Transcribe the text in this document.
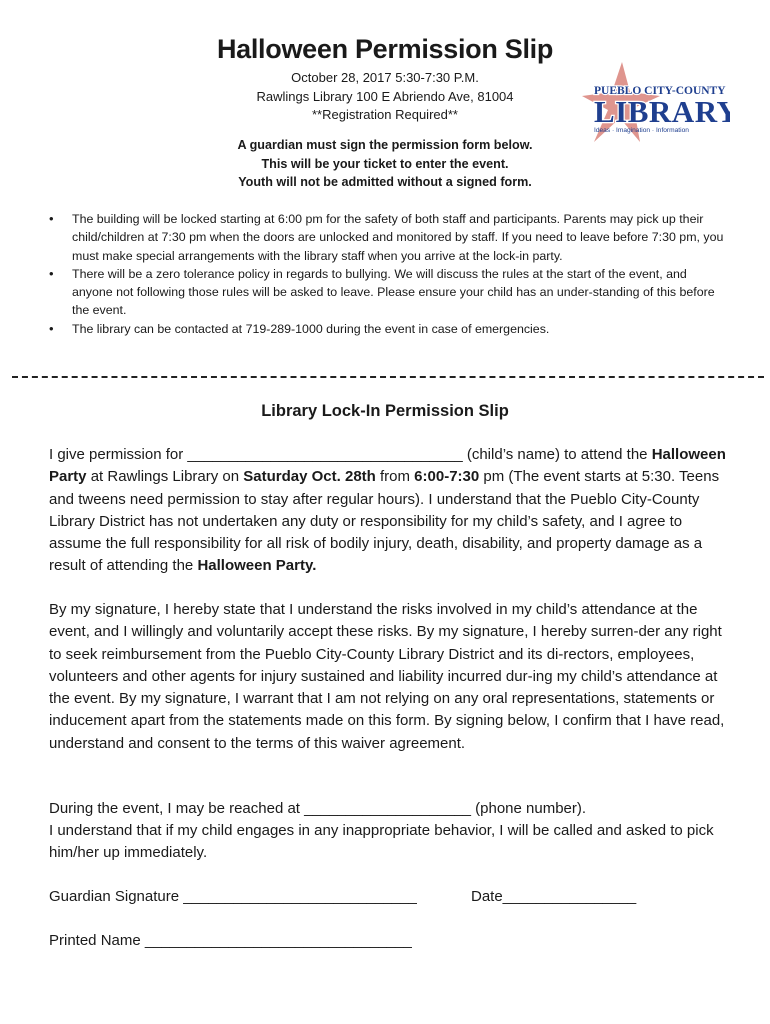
Halloween Permission Slip
October 28, 2017 5:30-7:30 P.M.
Rawlings Library 100 E Abriendo Ave, 81004
**Registration Required**
A guardian must sign the permission form below.
This will be your ticket to enter the event.
Youth will not be admitted without a signed form.
PUEBLO CITY-COUNTY
LIBRARY
Ideas · Imagination · Information
• The building will be locked starting at 6:00 pm for the safety of both staff and participants. Parents may pick up their child/children at 7:30 pm when the doors are unlocked and monitored by staff. If you need to leave before 7:30 pm, you must make special arrangements with the library staff when you arrive at the lock-in party.
• There will be a zero tolerance policy in regards to bullying. We will discuss the rules at the start of the event, and anyone not following those rules will be asked to leave. Please ensure your child has an under-standing of this before the event.
• The library can be contacted at 719-289-1000 during the event in case of emergencies.
Library Lock-In Permission Slip

I give permission for _________________________________ (child’s name) to attend the Halloween Party at Rawlings Library on Saturday Oct. 28th from 6:00-7:30 pm (The event starts at 5:30. Teens and tweens need permission to stay after regular hours). I understand that the Pueblo City-County Library District has not undertaken any duty or responsibility for my child’s safety, and I agree to assume the full responsibility for all risk of bodily injury, death, disability, and property damage as a result of attending the Halloween Party.

By my signature, I hereby state that I understand the risks involved in my child’s attendance at the event, and I willingly and voluntarily accept these risks. By my signature, I hereby surren-der any right to seek reimbursement from the Pueblo City-County Library District and its di-rectors, employees, volunteers and other agents for injury sustained and liability incurred dur-ing my child’s attendance at the event. By my signature, I warrant that I am not relying on any oral representations, statements or inducement apart from the statements made on this form. By signing below, I confirm that I have read, understand and consent to the terms of this waiver agreement.

During the event, I may be reached at ____________________ (phone number).

I understand that if my child engages in any inappropriate behavior, I will be called and asked to pick him/her up immediately.

Guardian Signature ____________________________	Date________________
Printed Name ________________________________
